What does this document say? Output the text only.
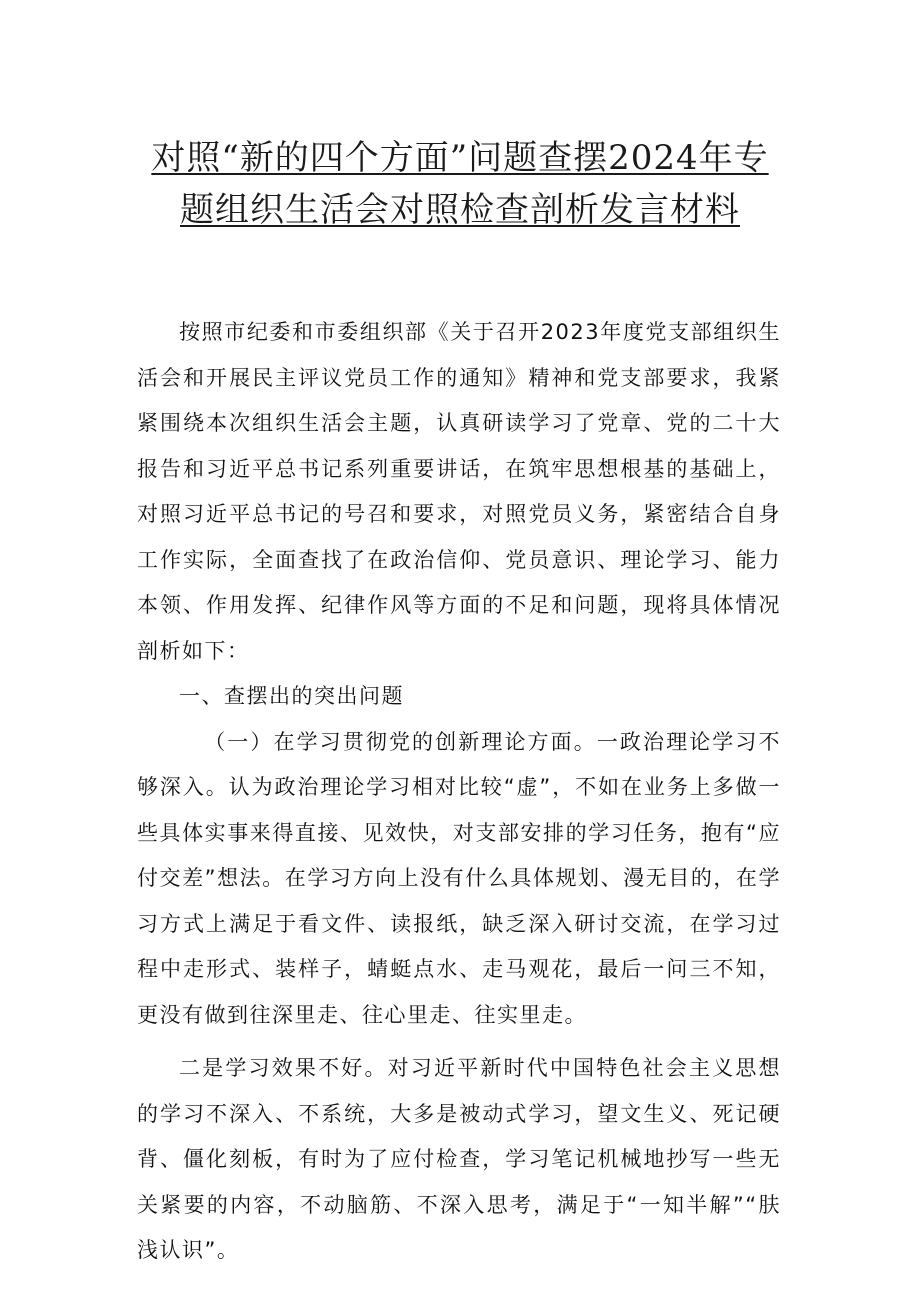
对照“新的四个方面”问题查摆2024年专
题组织生活会对照检查剖析发言材料

按照市纪委和市委组织部《关于召开2023年度党支部组织生活会和开展民主评议党员工作的通知》精神和党支部要求，我紧紧围绕本次组织生活会主题，认真研读学习了党章、党的二十大报告和习近平总书记系列重要讲话，在筑牢思想根基的基础上，对照习近平总书记的号召和要求，对照党员义务，紧密结合自身工作实际，全面查找了在政治信仰、党员意识、理论学习、能力本领、作用发挥、纪律作风等方面的不足和问题，现将具体情况剖析如下：

一、查摆出的突出问题

（一）在学习贯彻党的创新理论方面。一政治理论学习不够深入。认为政治理论学习相对比较“虚”，不如在业务上多做一些具体实事来得直接、见效快，对支部安排的学习任务，抱有“应付交差”想法。在学习方向上没有什么具体规划、漫无目的，在学习方式上满足于看文件、读报纸，缺乏深入研讨交流，在学习过程中走形式、装样子，蜻蜓点水、走马观花，最后一问三不知，更没有做到往深里走、往心里走、往实里走。

二是学习效果不好。对习近平新时代中国特色社会主义思想的学习不深入、不系统，大多是被动式学习，望文生义、死记硬背、僵化刻板，有时为了应付检查，学习笔记机械地抄写一些无关紧要的内容，不动脑筋、不深入思考，满足于“一知半解”“肤浅认识”。
